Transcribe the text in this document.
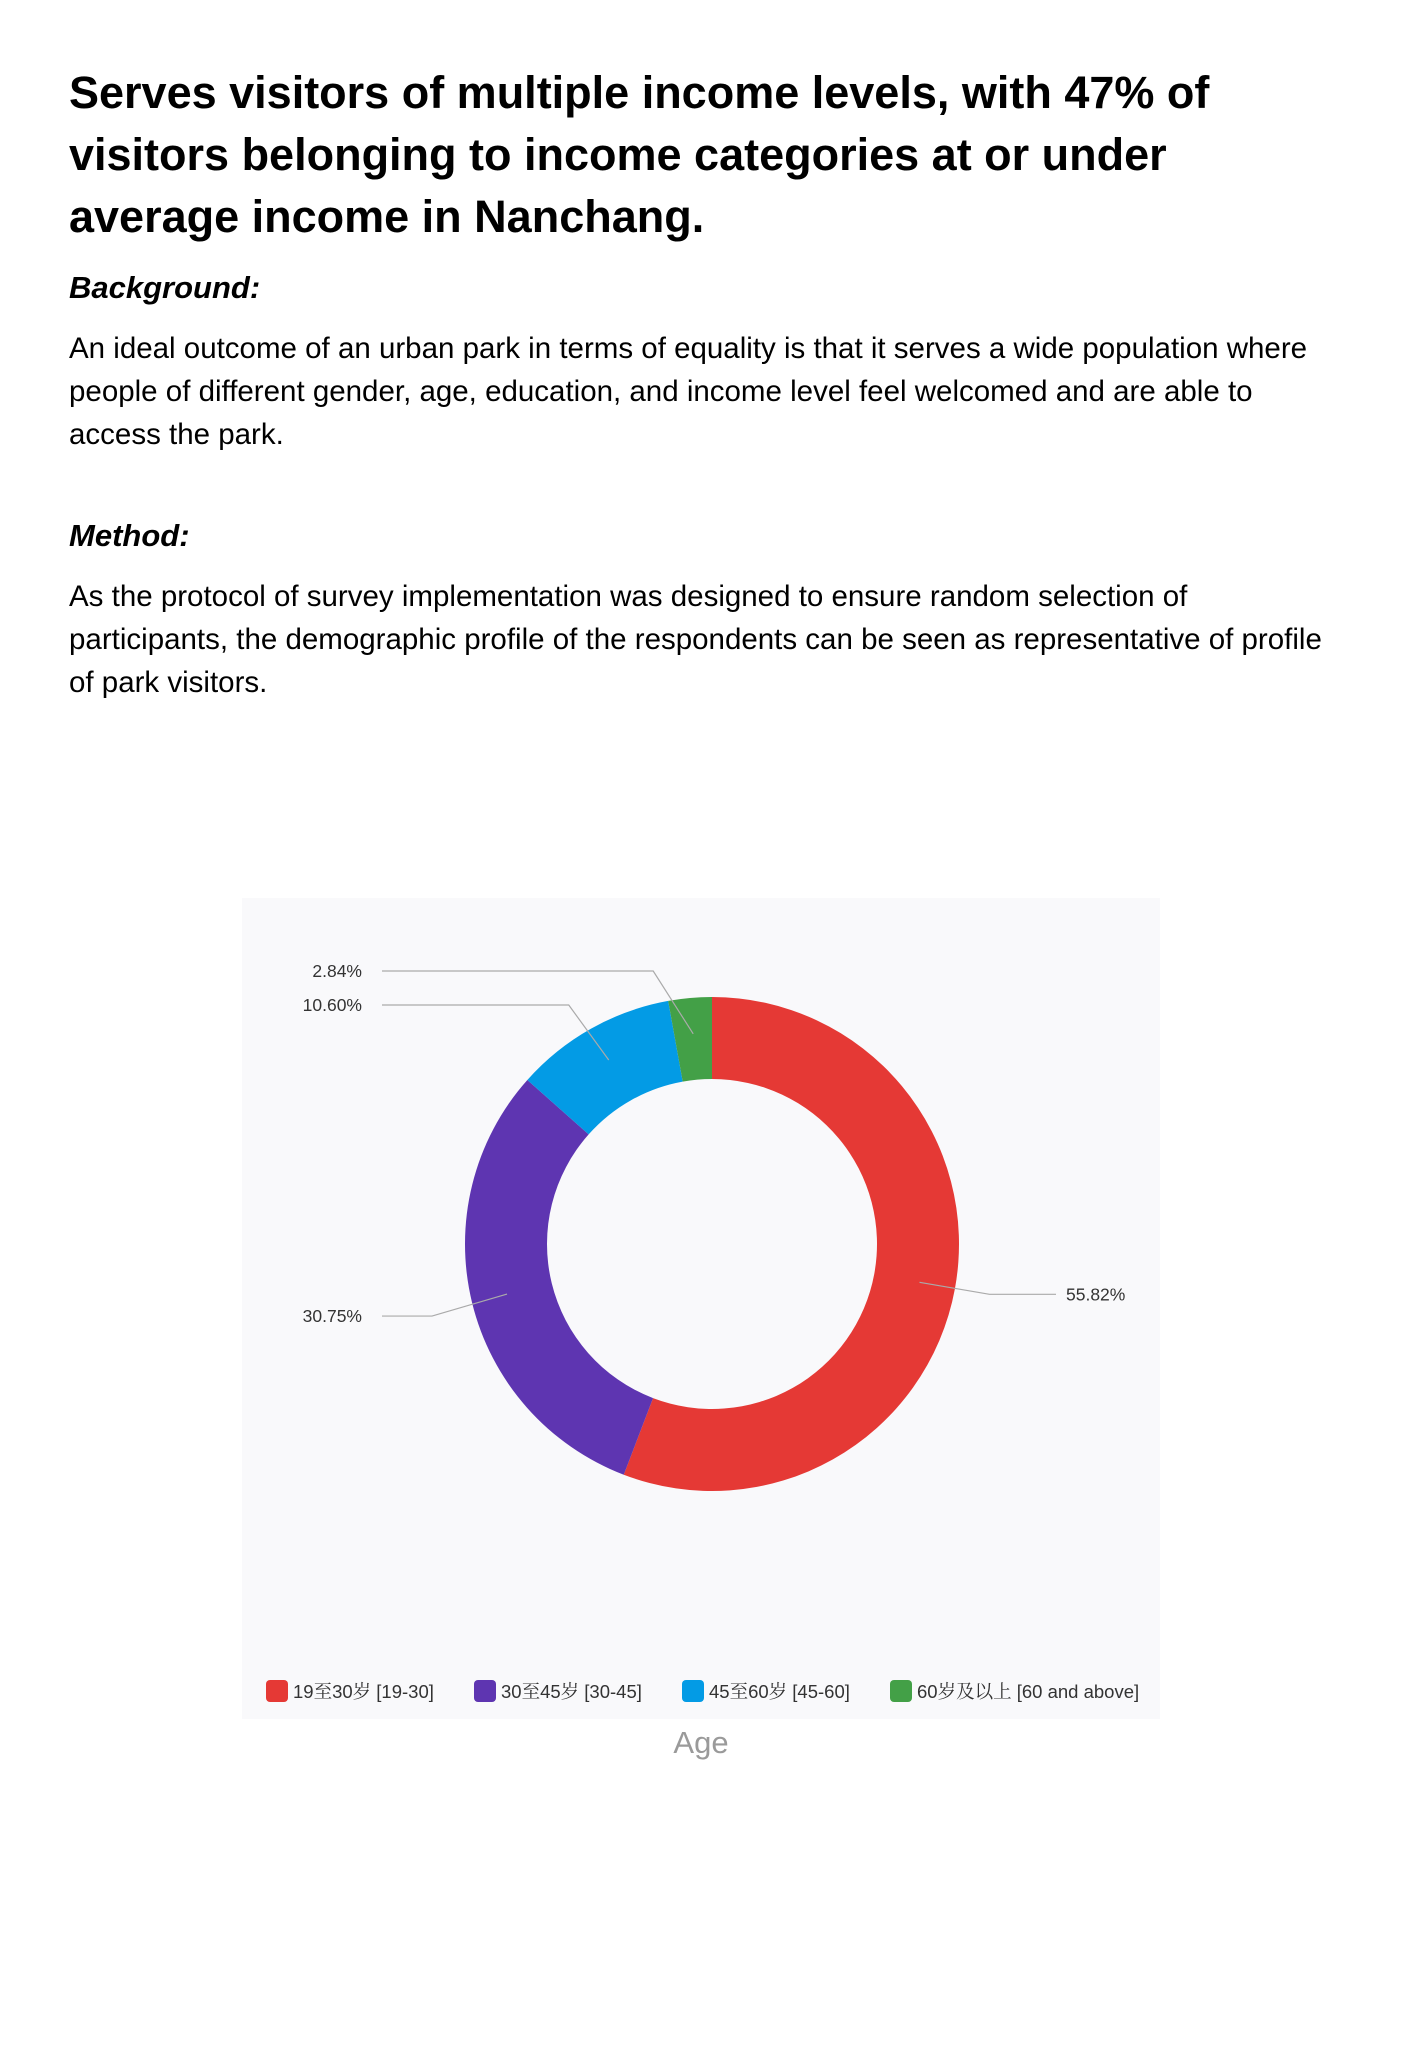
Serves visitors of multiple income levels, with 47% of visitors belonging to income categories at or under average income in Nanchang.
Background:

An ideal outcome of an urban park in terms of equality is that it serves a wide population where people of different gender, age, education, and income level feel welcomed and are able to access the park.

Method:

As the protocol of survey implementation was designed to ensure random selection of participants, the demographic profile of the respondents can be seen as representative of profile of park visitors.

55.82%
30.75%
10.60%
2.84%
19至30岁 [19-30]	30至45岁 [30-45]	45至60岁 [45-60]	60岁及以上 [60 and above]

Age
